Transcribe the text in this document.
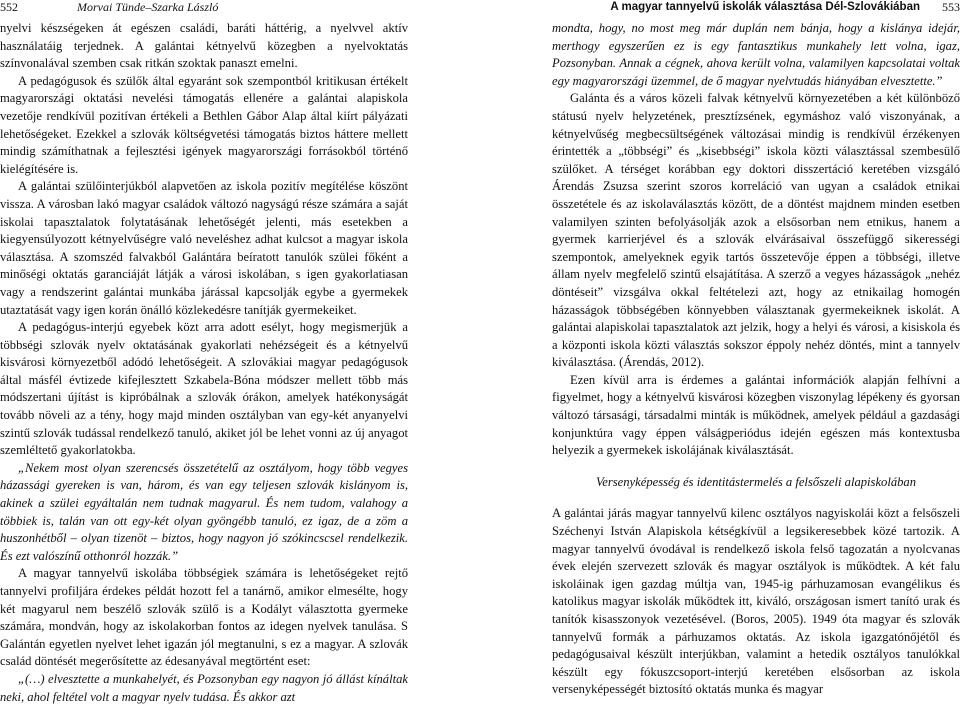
552	Morvai Tünde–Szarka László

nyelvi készségeken át egészen családi, baráti háttérig, a nyelvvel aktív használatáig terjednek. A galántai kétnyelvű közegben a nyelvoktatás színvonalával szemben csak ritkán szoktak panaszt emelni.

A pedagógusok és szülők által egyaránt sok szempontból kritikusan értékelt magyarországi oktatási nevelési támogatás ellenére a galántai alapiskola vezetője rendkívül pozitívan értékeli a Bethlen Gábor Alap által kiírt pályázati lehetőségeket. Ezekkel a szlovák költségvetési támogatás biztos háttere mellett mindig számíthatnak a fejlesztési igények magyarországi forrásokból történő kielégítésére is.

A galántai szülőinterjúkból alapvetően az iskola pozitív megítélése köszönt vissza. A városban lakó magyar családok változó nagyságú része számára a saját iskolai tapasztalatok folytatásának lehetőségét jelenti, más esetekben a kiegyensúlyozott kétnyelvűségre való neveléshez adhat kulcsot a magyar iskola választása. A szomszéd falvakból Galántára beíratott tanulók szülei főként a minőségi oktatás garanciáját látják a városi iskolában, s igen gyakorlatiasan vagy a rendszerint galántai munkába járással kapcsolják egybe a gyermekek utaztatását vagy igen korán önálló közlekedésre tanítják gyermekeiket.

A pedagógus-interjú egyebek közt arra adott esélyt, hogy megismerjük a többségi szlovák nyelv oktatásának gyakorlati nehézségeit és a kétnyelvű kisvárosi környezetből adódó lehetőségeit. A szlovákiai magyar pedagógusok által másfél évtizede kifejlesztett Szkabela-Bóna módszer mellett több más módszertani újítást is kipróbálnak a szlovák órákon, amelyek hatékonyságát tovább növeli az a tény, hogy majd minden osztályban van egy-két anyanyelvi szintű szlovák tudással rendelkező tanuló, akiket jól be lehet vonni az új anyagot szemléltető gyakorlatokba.

„Nekem most olyan szerencsés összetételű az osztályom, hogy több vegyes házassági gyereken is van, három, és van egy teljesen szlovák kislányom is, akinek a szülei egyáltalán nem tudnak magyarul. És nem tudom, valahogy a többiek is, talán van ott egy-két olyan gyöngébb tanuló, ez igaz, de a zöm a huszonhétből – olyan tizenöt – biztos, hogy nagyon jó szókincscsel rendelkezik. És ezt valószínű otthonról hozzák.”

A magyar tannyelvű iskolába többségiek számára is lehetőségeket rejtő tannyelvi profiljára érdekes példát hozott fel a tanárnő, amikor elmesélte, hogy két magyarul nem beszélő szlovák szülő is a Kodályt választotta gyermeke számára, mondván, hogy az iskolakorban fontos az idegen nyelvek tanulása. S Galántán egyetlen nyelvet lehet igazán jól megtanulni, s ez a magyar. A szlovák család döntését megerősítette az édesanyával megtörtént eset:

„(…) elvesztette a munkahelyét, és Pozsonyban egy nagyon jó állást kínáltak neki, ahol feltétel volt a magyar nyelv tudása. És akkor azt

A magyar tannyelvű iskolák választása Dél-Szlovákiában 553

mondta, hogy, no most meg már duplán nem bánja, hogy a kislánya idejár, merthogy egyszerűen ez is egy fantasztikus munkahely lett volna, igaz, Pozsonyban. Annak a cégnek, ahova került volna, valamilyen kapcsolatai voltak egy magyarországi üzemmel, de ő magyar nyelvtudás hiányában elvesztette.”

Galánta és a város közeli falvak kétnyelvű környezetében a két különböző státusú nyelv helyzetének, presztízsének, egymáshoz való viszonyának, a kétnyelvűség megbecsültségének változásai mindig is rendkívül érzékenyen érintették a „többségi” és „kisebbségi” iskola közti választással szembesülő szülőket. A térséget korábban egy doktori disszertáció keretében vizsgáló Árendás Zsuzsa szerint szoros korreláció van ugyan a családok etnikai összetétele és az iskolaválasztás között, de a döntést majdnem minden esetben valamilyen szinten befolyásolják azok a elsősorban nem etnikus, hanem a gyermek karrierjével és a szlovák elvárásaival összefüggő sikerességi szempontok, amelyeknek egyik tartós összetevője éppen a többségi, illetve állam nyelv megfelelő szintű elsajátítása. A szerző a vegyes házasságok „nehéz döntéseit” vizsgálva okkal feltételezi azt, hogy az etnikailag homogén házasságok többségében könnyebben választanak gyermekeiknek iskolát. A galántai alapiskolai tapasztalatok azt jelzik, hogy a helyi és városi, a kisiskola és a központi iskola közti választás sokszor éppoly nehéz döntés, mint a tannyelv kiválasztása. (Árendás, 2012).

Ezen kívül arra is érdemes a galántai információk alapján felhívni a figyelmet, hogy a kétnyelvű kisvárosi közegben viszonylag lépékeny és gyorsan változó társasági, társadalmi minták is működnek, amelyek például a gazdasági konjunktúra vagy éppen válságperiódus idején egészen más kontextusba helyezik a gyermekek iskolájának kiválasztását.

Versenyképesség és identitástermelés a felsőszeli alapiskolában

A galántai járás magyar tannyelvű kilenc osztályos nagyiskolái közt a felsőszeli Széchenyi István Alapiskola kétségkívül a legsikeresebbek közé tartozik. A magyar tannyelvű óvodával is rendelkező iskola felső tagozatán a nyolcvanas évek elején szervezett szlovák és magyar osztályok is működtek. A két falu iskoláinak igen gazdag múltja van, 1945-ig párhuzamosan evangélikus és katolikus magyar iskolák működtek itt, kiváló, országosan ismert tanító urak és tanítók kisasszonyok vezetésével. (Boros, 2005). 1949 óta magyar és szlovák tannyelvű formák a párhuzamos oktatás. Az iskola igazgatónőjétől és pedagógusaival készült interjúkban, valamint a hetedik osztályos tanulókkal készült egy fókuszcsoport-interjú keretében elsősorban az iskola versenyképességét biztosító oktatás munka és magyar
